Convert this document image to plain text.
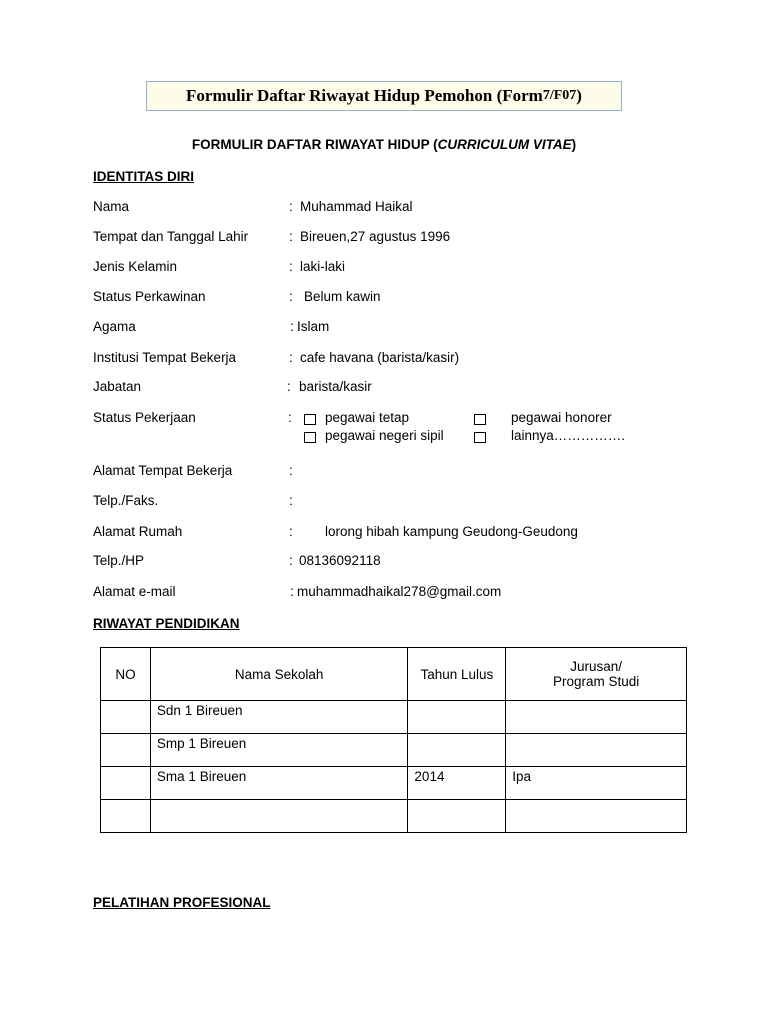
Formulir Daftar Riwayat Hidup Pemohon (Form 7/F07 )
FORMULIR DAFTAR RIWAYAT HIDUP (CURRICULUM VITAE)
IDENTITAS DIRI
Nama	: Muhammad Haikal
Tempat dan Tanggal Lahir	: Bireuen,27 agustus 1996
Jenis Kelamin	: laki-laki
Status Perkawinan	: Belum kawin
Agama	: Islam
Institusi Tempat Bekerja	: cafe havana (barista/kasir)
Jabatan	: barista/kasir
Status Pekerjaan	: pegawai tetap	pegawai honorer
pegawai negeri sipil	lainnya…………….
Alamat Tempat Bekerja	:
Telp./Faks.	:
Alamat Rumah	: lorong hibah kampung Geudong-Geudong
Telp./HP	: 08136092118
Alamat e-mail	: muhammadhaikal278@gmail.com
RIWAYAT PENDIDIKAN
NO	Nama Sekolah	Tahun Lulus	Jurusan/
Program Studi

	Sdn 1 Bireuen		
	Smp 1 Bireuen		
	Sma 1 Bireuen	2014	Ipa

PELATIHAN PROFESIONAL
